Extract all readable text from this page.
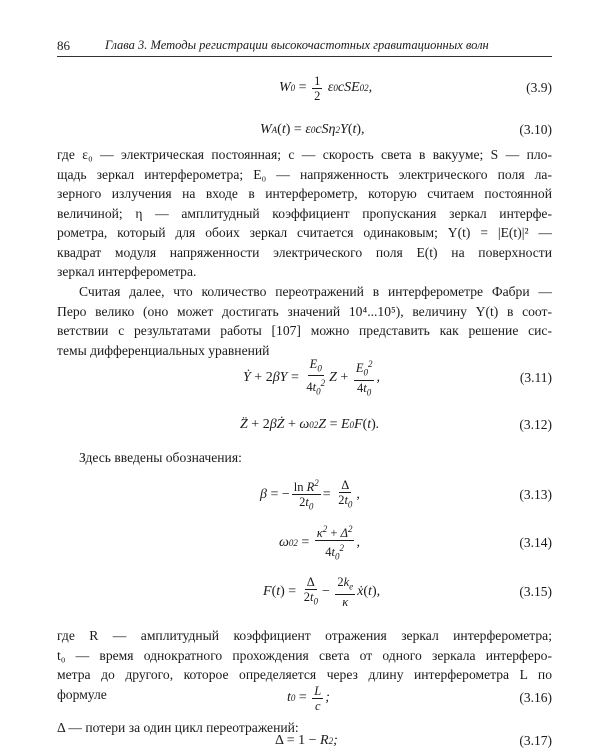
86	Глава 3. Методы регистрации высокочастотных гравитационных волн
W 0
=
$\frac{1}{2}$ ε 0 cSE 0 2 ,	(3.9)
W A ( t )
= ε 0 cSη 2 Y ( t ) ,	(3.10)
где ε₀ — электрическая постоянная; c — скорость света в вакууме; S — пло-
щадь зеркал интерферометра; E₀ — напряженность электрического поля ла-
зерного излучения на входе в интерферометр, которую считаем постоянной
величиной; η — амплитудный коэффициент пропускания зеркал интерфе-
рометра, который для обоих зеркал считается одинаковым; Y(t) = |E(t)|² —
квадрат модуля напряженности электрического поля E(t) на поверхности
зеркал интерферометра.
Считая далее, что количество переотражений в интерферометре Фабри —
Перо велико (оно может достигать значений 10⁴...10⁵), величину Y(t) в соот-
ветствии с результатами работы [107] можно представить как решение сис-
темы дифференциальных уравнений
Ẏ + 2 βY =
$\frac{E_0}{4t_0^2}$ Z +
$\frac{E_0^2}{4t_0}$ ,	(3.11)
Z̈ + 2 βŻ + ω 0 2 Z = E 0 F ( t ) .	(3.12)

Здесь введены обозначения:

β = − $\frac{\ln R^2}{2t_0}$ =
$\frac{\Delta}{2t_0}$ ,	(3.13)
ω 0 2
=
$\frac{\kappa^2 + \Delta^2}{4t_0^2}$ ,	(3.14)
F ( t )
=
$\frac{\Delta}{2t_0}$ −
$\frac{2k_e}{\kappa}$ ẋ ( t ) ,	(3.15)
где R — амплитудный коэффициент отражения зеркал интерферометра;
t₀ — время однократного прохождения света от одного зеркала интерферо-
метра до другого, которое определяется через длину интерферометра L по
формуле	t 0
=
$\frac{L}{c}$ ;	(3.16)

Δ — потери за один цикл переотражений:

Δ = 1 − R 2 ;	(3.17)
